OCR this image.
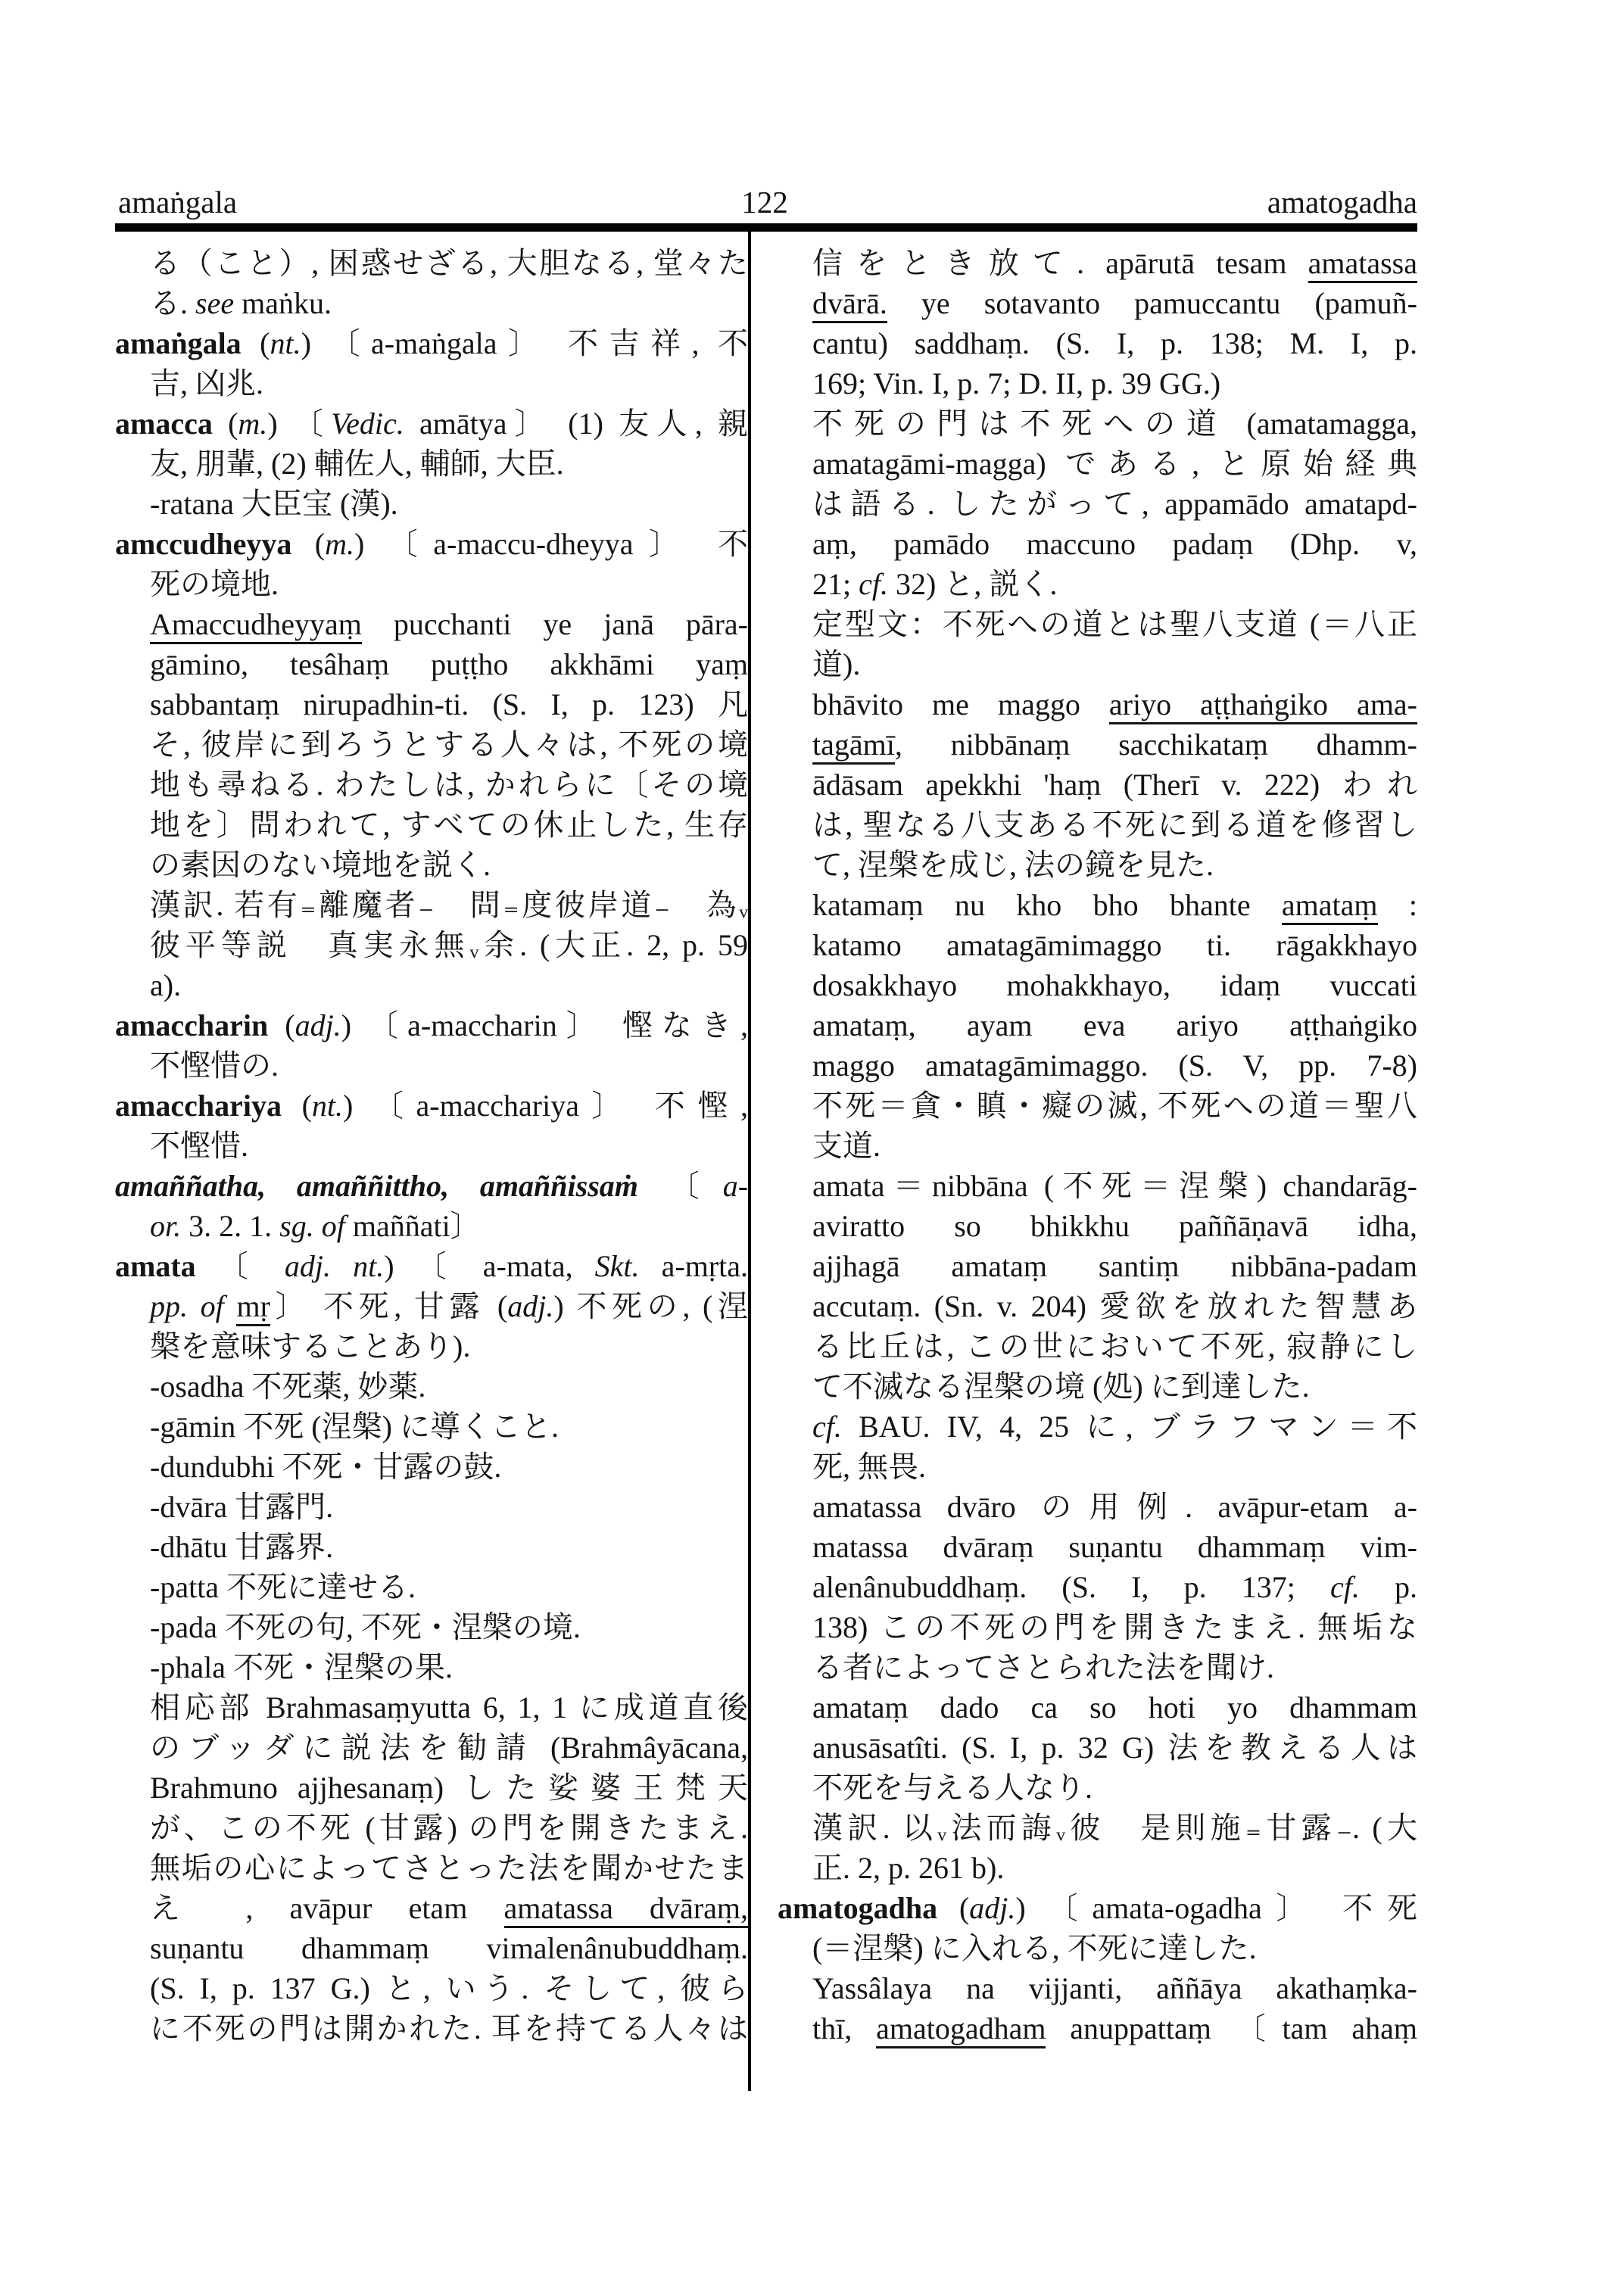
amaṅgala	122	amatogadha
る（こと）, 困惑せざる, 大胆なる, 堂々た
る. see maṅku.
amaṅgala (nt.) 〔a-maṅgala〕 不吉祥, 不
吉, 凶兆.
amacca (m.) 〔Vedic. amātya〕 (1) 友人, 親
友, 朋輩, (2) 輔佐人, 輔師, 大臣.
-ratana 大臣宝 (漢).
amccudheyya (m.) 〔a-maccu-dheyya〕 不
死の境地.
Amaccudheyyaṃ pucchanti ye janā pāra-
gāmino, tesâhaṃ puṭṭho akkhāmi yaṃ
sabbantaṃ nirupadhin-ti. (S. I, p. 123) 凡
そ, 彼岸に到ろうとする人々は, 不死の境
地も尋ねる. わたしは, かれらに〔その境
地を〕問われて, すべての休止した, 生存
の素因のない境地を説く.
漢訳. 若有₌離魔者₋　問₌度彼岸道₋　為ᵥ
彼平等説　真実永無ᵥ余. (大正. 2, p. 59
a).
amaccharin (adj.) 〔a-maccharin〕 慳なき,
不慳惜の.
amacchariya (nt.) 〔a-macchariya〕 不慳,
不慳惜.
amaññatha, amaññittho, amaññissaṁ 〔a-
or. 3. 2. 1. sg. of maññati〕
amata 〔 adj. nt.) 〔 a-mata, Skt. a-mṛta.
pp. of mṛ〕 不死, 甘露 (adj.) 不死の, (涅
槃を意味することあり).
-osadha 不死薬, 妙薬.
-gāmin 不死 (涅槃) に導くこと.
-dundubhi 不死・甘露の鼓.
-dvāra 甘露門.
-dhātu 甘露界.
-patta 不死に達せる.
-pada 不死の句, 不死・涅槃の境.
-phala 不死・涅槃の果.
相応部 Brahmasaṃyutta 6, 1, 1 に成道直後
のブッダに説法を勧請 (Brahmâyācana,
Brahmuno ajjhesanaṃ) した娑婆王梵天
が、この不死 (甘露) の門を開きたまえ.
無垢の心によってさとった法を聞かせたま
え , avāpur etam amatassa dvāraṃ,
suṇantu dhammaṃ vimalenânubuddhaṃ.
(S. I, p. 137 G.) と, いう. そして, 彼ら
に不死の門は開かれた. 耳を持てる人々は
信をとき放て. apārutā tesam amatassa
dvārā. ye sotavanto pamuccantu (pamuñ-
cantu) saddhaṃ. (S. I, p. 138; M. I, p.
169; Vin. I, p. 7; D. II, p. 39 GG.)
不死の門は不死への道 (amatamagga,
amatagāmi-magga) である, と原始経典
は語る. したがって, appamādo amatapd-
aṃ, pamādo maccuno padaṃ (Dhp. v,
21; cf. 32) と, 説く.
定型文：不死への道とは聖八支道 (＝八正
道).
bhāvito me maggo ariyo aṭṭhaṅgiko ama-
tagāmī, nibbānaṃ sacchikataṃ dhamm-
ādāsam apekkhi 'haṃ (Therī v. 222) われ
は, 聖なる八支ある不死に到る道を修習し
て, 涅槃を成じ, 法の鏡を見た.
katamaṃ nu kho bho bhante amataṃ :
katamo amatagāmimaggo ti. rāgakkhayo
dosakkhayo mohakkhayo, idaṃ vuccati
amataṃ, ayam eva ariyo aṭṭhaṅgiko
maggo amatagāmimaggo. (S. V, pp. 7-8)
不死＝貪・瞋・癡の滅, 不死への道＝聖八
支道.
amata＝nibbāna (不死＝涅槃) chandarāg-
aviratto so bhikkhu paññāṇavā idha,
ajjhagā amataṃ santiṃ nibbāna-padam
accutaṃ. (Sn. v. 204) 愛欲を放れた智慧あ
る比丘は, この世において不死, 寂静にし
て不滅なる涅槃の境 (処) に到達した.
cf. BAU. IV, 4, 25 に, ブラフマン＝不
死, 無畏.
amatassa dvāro の用例. avāpur-etam a-
matassa dvāraṃ suṇantu dhammaṃ vim-
alenânubuddhaṃ. (S. I, p. 137; cf. p.
138) この不死の門を開きたまえ. 無垢な
る者によってさとられた法を聞け.
amataṃ dado ca so hoti yo dhammam
anusāsatîti. (S. I, p. 32 G) 法を教える人は
不死を与える人なり.
漢訳. 以ᵥ法而誨ᵥ彼　是則施₌甘露₋. (大
正. 2, p. 261 b).
amatogadha (adj.) 〔amata-ogadha〕 不死
(＝涅槃) に入れる, 不死に達した.
Yassâlaya na vijjanti, aññāya akathaṃka-
thī, amatogadham anuppattaṃ 〔tam ahaṃ
